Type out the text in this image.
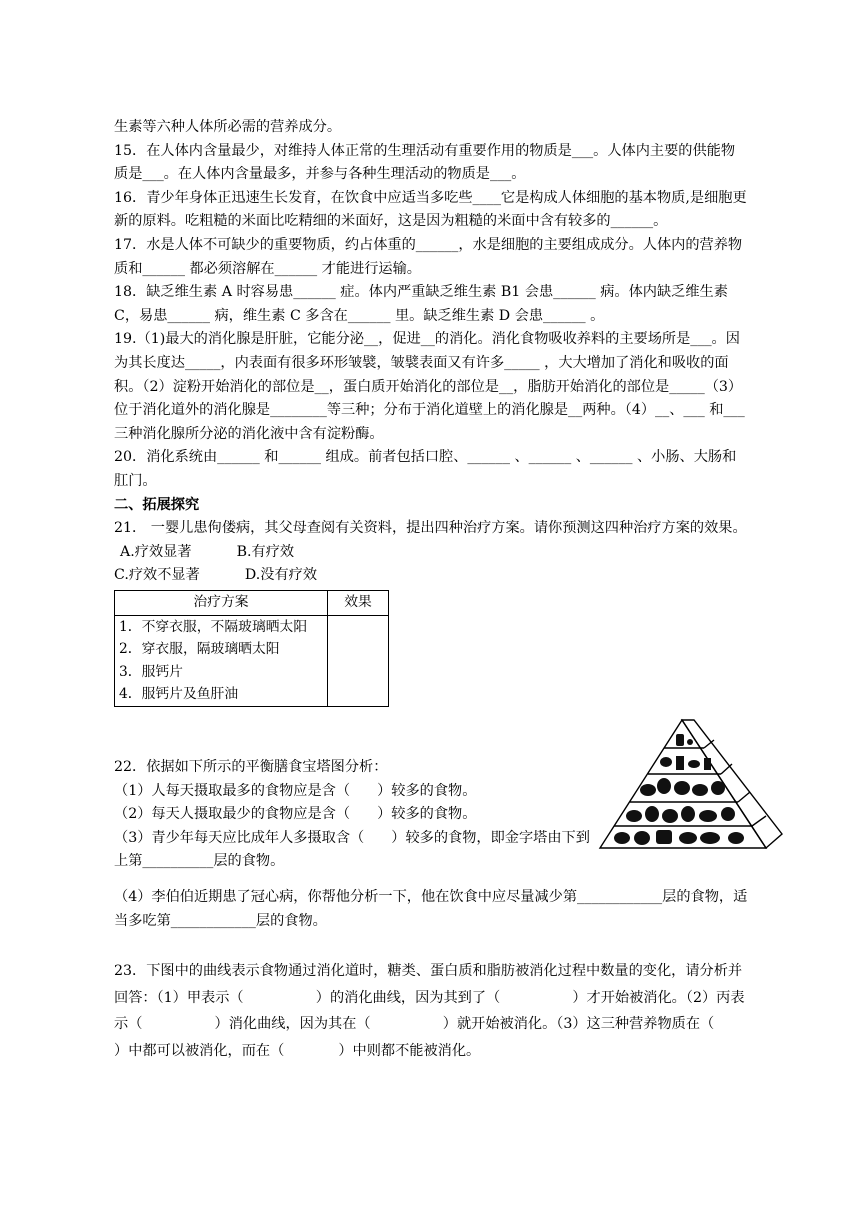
生素等六种人体所必需的营养成分。

15．在人体内含量最少，对维持人体正常的生理活动有重要作用的物质是___。人体内主要的供能物质是___。在人体内含量最多，并参与各种生理活动的物质是___。

16．青少年身体正迅速生长发育，在饮食中应适当多吃些____它是构成人体细胞的基本物质,是细胞更新的原料。吃粗糙的米面比吃精细的米面好，这是因为粗糙的米面中含有较多的______。

17．水是人体不可缺少的重要物质，约占体重的______，水是细胞的主要组成成分。人体内的营养物质和______ 都必须溶解在______ 才能进行运输。

18．缺乏维生素 A 时容易患______ 症。体内严重缺乏维生素 B1 会患______ 病。体内缺乏维生素 C，易患______ 病，维生素 C 多含在______ 里。缺乏维生素 D 会患______ 。

19.（1)最大的消化腺是肝脏，它能分泌__，促进__的消化。消化食物吸收养料的主要场所是___。因为其长度达_____，内表面有很多环形皱襞，皱襞表面又有许多_____ ，大大增加了消化和吸收的面积。（2）淀粉开始消化的部位是__，蛋白质开始消化的部位是__，脂肪开始消化的部位是_____（3）位于消化道外的消化腺是________等三种；分布于消化道壁上的消化腺是__两种。（4）__、___ 和___三种消化腺所分泌的消化液中含有淀粉酶。

20．消化系统由______ 和______ 组成。前者包括口腔、______ 、______ 、______ 、小肠、大肠和肛门。

二、拓展探究

21． 一婴儿患佝偻病，其父母查阅有关资料，提出四种治疗方案。请你预测这四种治疗方案的效果。

A.疗效显著          B.有疗效

C.疗效不显著          D.没有疗效

治疗方案	效果

1．不穿衣服，不隔玻璃晒太阳
2．穿衣服，隔玻璃晒太阳
3．服钙片
4．服钙片及鱼肝油	

22．依据如下所示的平衡膳食宝塔图分析：

（1）人每天摄取最多的食物应是含（      ）较多的食物。

（2）每天人摄取最少的食物应是含（      ）较多的食物。

（3）青少年每天应比成年人多摄取含（      ）较多的食物，即金字塔由下到上第__________层的食物。

（4）李伯伯近期患了冠心病，你帮他分析一下，他在饮食中应尽量减少第____________层的食物，适当多吃第____________层的食物。

23．下图中的曲线表示食物通过消化道时，糖类、蛋白质和脂肪被消化过程中数量的变化，请分析并回答：（1）甲表示（                ）的消化曲线，因为其到了（                ）才开始被消化。（2）丙表示（                ）消化曲线，因为其在（                ）就开始被消化。（3）这三种营养物质在（                ）中都可以被消化，而在（            ）中则都不能被消化。
